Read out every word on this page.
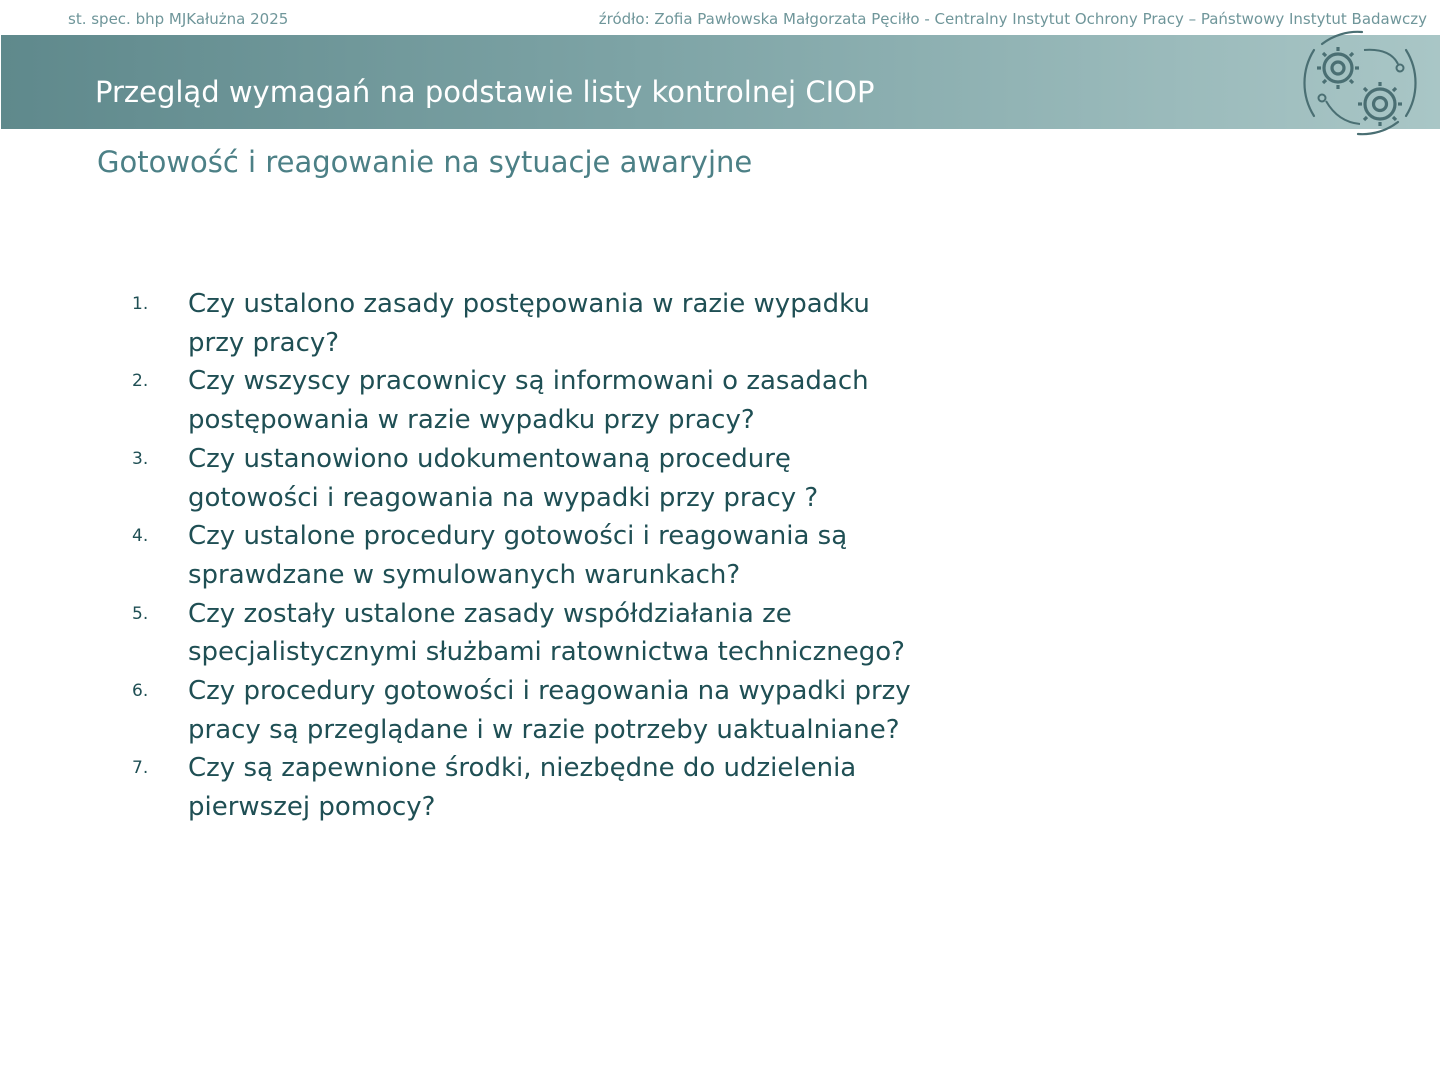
st. spec. bhp MJKałużna 2025	źródło: Zofia Pawłowska Małgorzata Pęciłło - Centralny Instytut Ochrony Pracy – Państwowy Instytut Badawczy
Przegląd wymagań na podstawie listy kontrolnej CIOP
Gotowość i reagowanie na sytuacje awaryjne
1. Czy ustalono zasady postępowania w razie wypadku
przy pracy?
2. Czy wszyscy pracownicy są informowani o zasadach
postępowania w razie wypadku przy pracy?
3. Czy ustanowiono udokumentowaną procedurę
gotowości i reagowania na wypadki przy pracy ?
4. Czy ustalone procedury gotowości i reagowania są
sprawdzane w symulowanych warunkach?
5. Czy zostały ustalone zasady współdziałania ze
specjalistycznymi służbami ratownictwa technicznego?
6. Czy procedury gotowości i reagowania na wypadki przy
pracy są przeglądane i w razie potrzeby uaktualniane?
7. Czy są zapewnione środki, niezbędne do udzielenia
pierwszej pomocy?
